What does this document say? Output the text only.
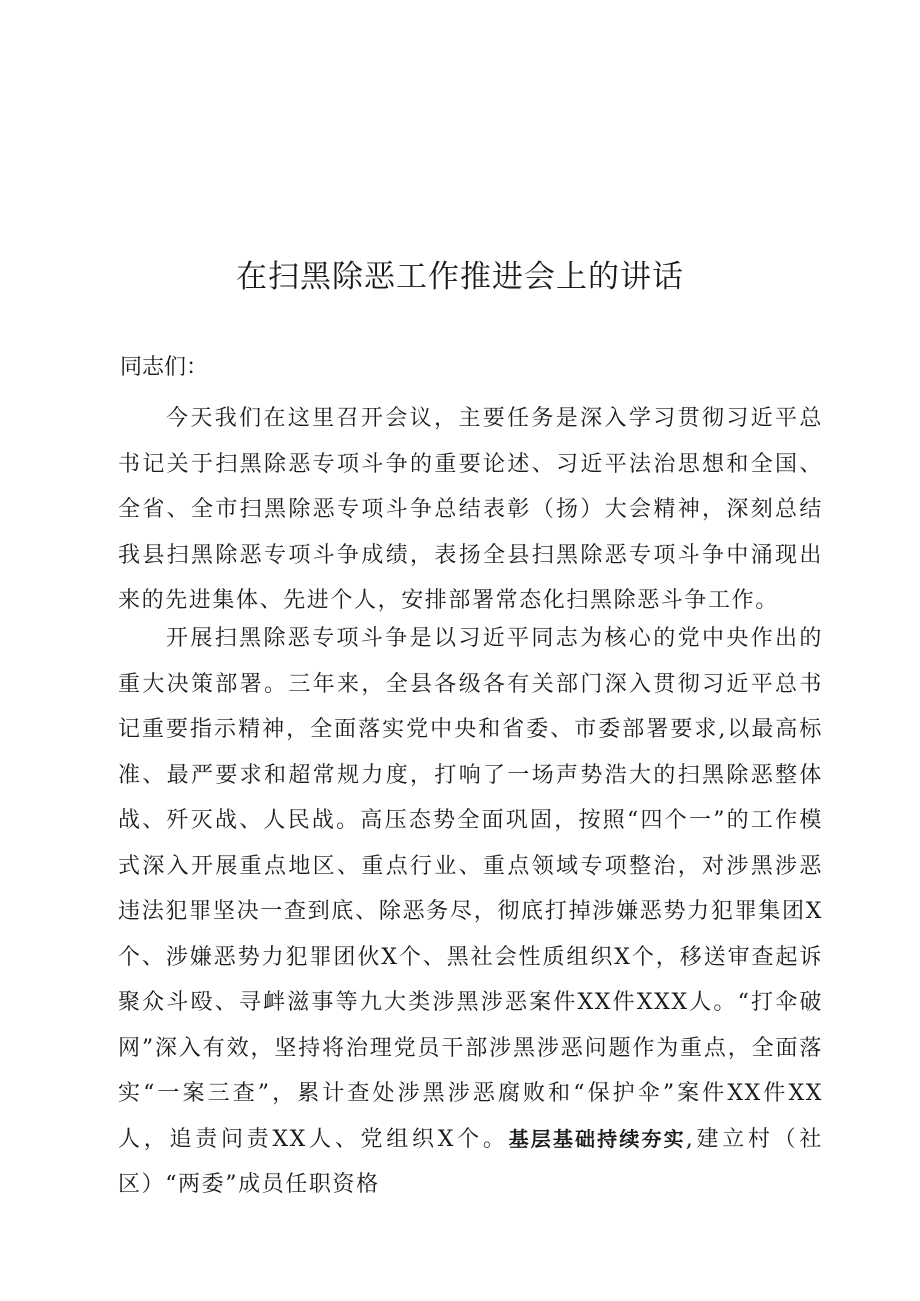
在扫黑除恶工作推进会上的讲话

同志们：

今天我们在这里召开会议，主要任务是深入学习贯彻习近平总书记关于扫黑除恶专项斗争的重要论述、习近平法治思想和全国、全省、全市扫黑除恶专项斗争总结表彰（扬）大会精神，深刻总结我县扫黑除恶专项斗争成绩，表扬全县扫黑除恶专项斗争中涌现出来的先进集体、先进个人，安排部署常态化扫黑除恶斗争工作。

开展扫黑除恶专项斗争是以习近平同志为核心的党中央作出的重大决策部署。三年来，全县各级各有关部门深入贯彻习近平总书记重要指示精神，全面落实党中央和省委、市委部署要求,以最高标准、最严要求和超常规力度，打响了一场声势浩大的扫黑除恶整体战、歼灭战、人民战。高压态势全面巩固，按照“四个一”的工作模式深入开展重点地区、重点行业、重点领域专项整治，对涉黑涉恶违法犯罪坚决一查到底、除恶务尽，彻底打掉涉嫌恶势力犯罪集团X个、涉嫌恶势力犯罪团伙X个、黑社会性质组织X个，移送审查起诉聚众斗殴、寻衅滋事等九大类涉黑涉恶案件XX件XXX人。“打伞破网”深入有效，坚持将治理党员干部涉黑涉恶问题作为重点，全面落实“一案三查”，累计查处涉黑涉恶腐败和“保护伞”案件XX件XX人，追责问责XX人、党组织X个。基层基础持续夯实,建立村（社区）“两委”成员任职资格
